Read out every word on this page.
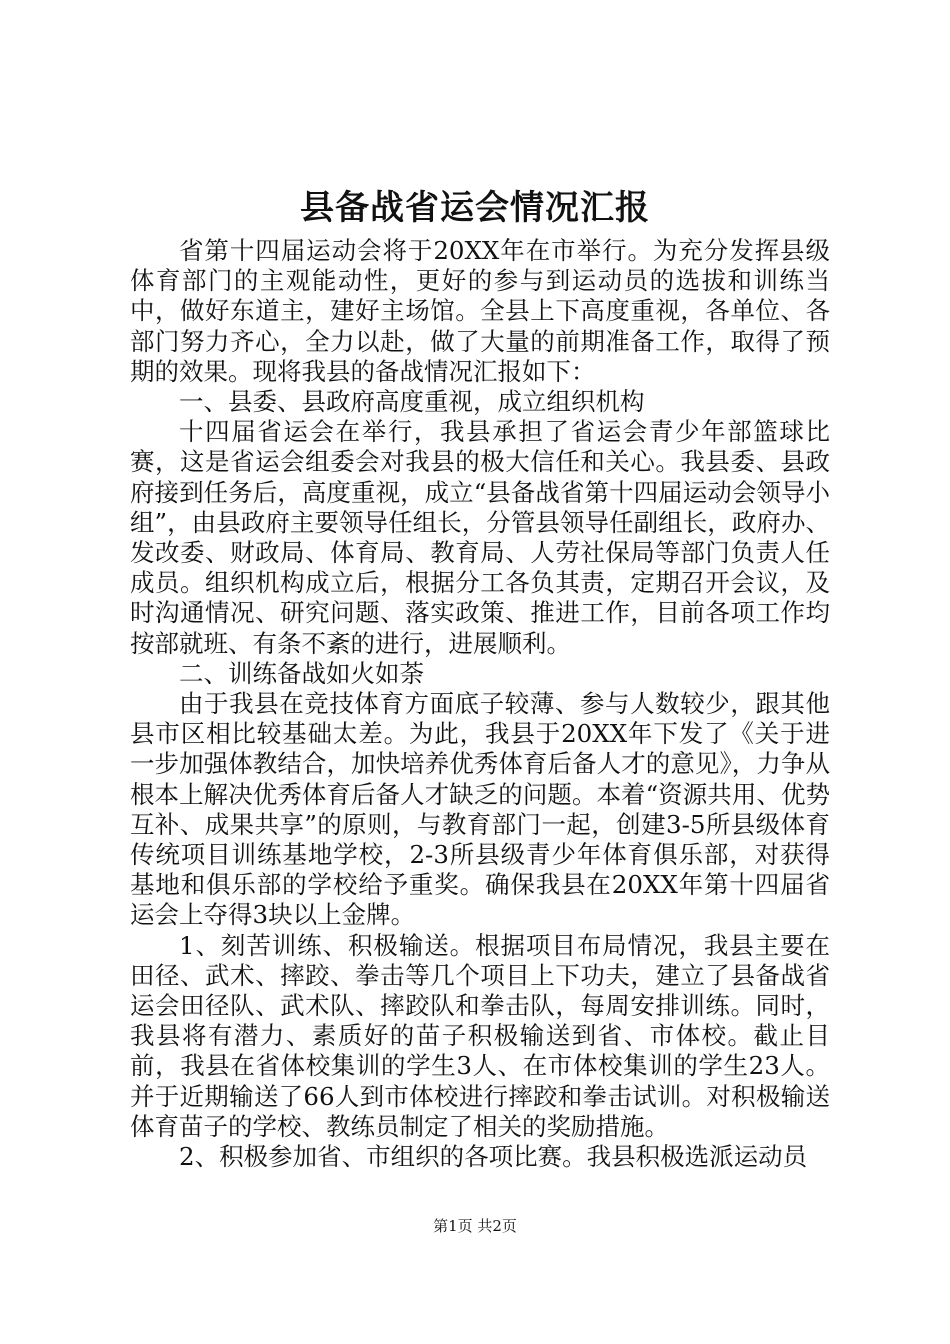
县备战省运会情况汇报

省第十四届运动会将于20XX年在市举行。为充分发挥县级体育部门的主观能动性，更好的参与到运动员的选拔和训练当中，做好东道主，建好主场馆。全县上下高度重视，各单位、各部门努力齐心，全力以赴，做了大量的前期准备工作，取得了预期的效果。现将我县的备战情况汇报如下：

一、县委、县政府高度重视，成立组织机构

十四届省运会在举行，我县承担了省运会青少年部篮球比赛，这是省运会组委会对我县的极大信任和关心。我县委、县政府接到任务后，高度重视，成立“县备战省第十四届运动会领导小组”，由县政府主要领导任组长，分管县领导任副组长，政府办、发改委、财政局、体育局、教育局、人劳社保局等部门负责人任成员。组织机构成立后，根据分工各负其责，定期召开会议，及时沟通情况、研究问题、落实政策、推进工作，目前各项工作均按部就班、有条不紊的进行，进展顺利。

二、训练备战如火如荼

由于我县在竞技体育方面底子较薄、参与人数较少，跟其他县市区相比较基础太差。为此，我县于20XX年下发了《关于进一步加强体教结合，加快培养优秀体育后备人才的意见》，力争从根本上解决优秀体育后备人才缺乏的问题。本着“资源共用、优势互补、成果共享”的原则，与教育部门一起，创建3-5所县级体育传统项目训练基地学校，2-3所县级青少年体育俱乐部，对获得基地和俱乐部的学校给予重奖。确保我县在20XX年第十四届省运会上夺得3块以上金牌。

1、刻苦训练、积极输送。根据项目布局情况，我县主要在田径、武术、摔跤、拳击等几个项目上下功夫，建立了县备战省运会田径队、武术队、摔跤队和拳击队，每周安排训练。同时，我县将有潜力、素质好的苗子积极输送到省、市体校。截止目前，我县在省体校集训的学生3人、在市体校集训的学生23人。并于近期输送了66人到市体校进行摔跤和拳击试训。对积极输送体育苗子的学校、教练员制定了相关的奖励措施。

2、积极参加省、市组织的各项比赛。我县积极选派运动员

第1页 共2页
